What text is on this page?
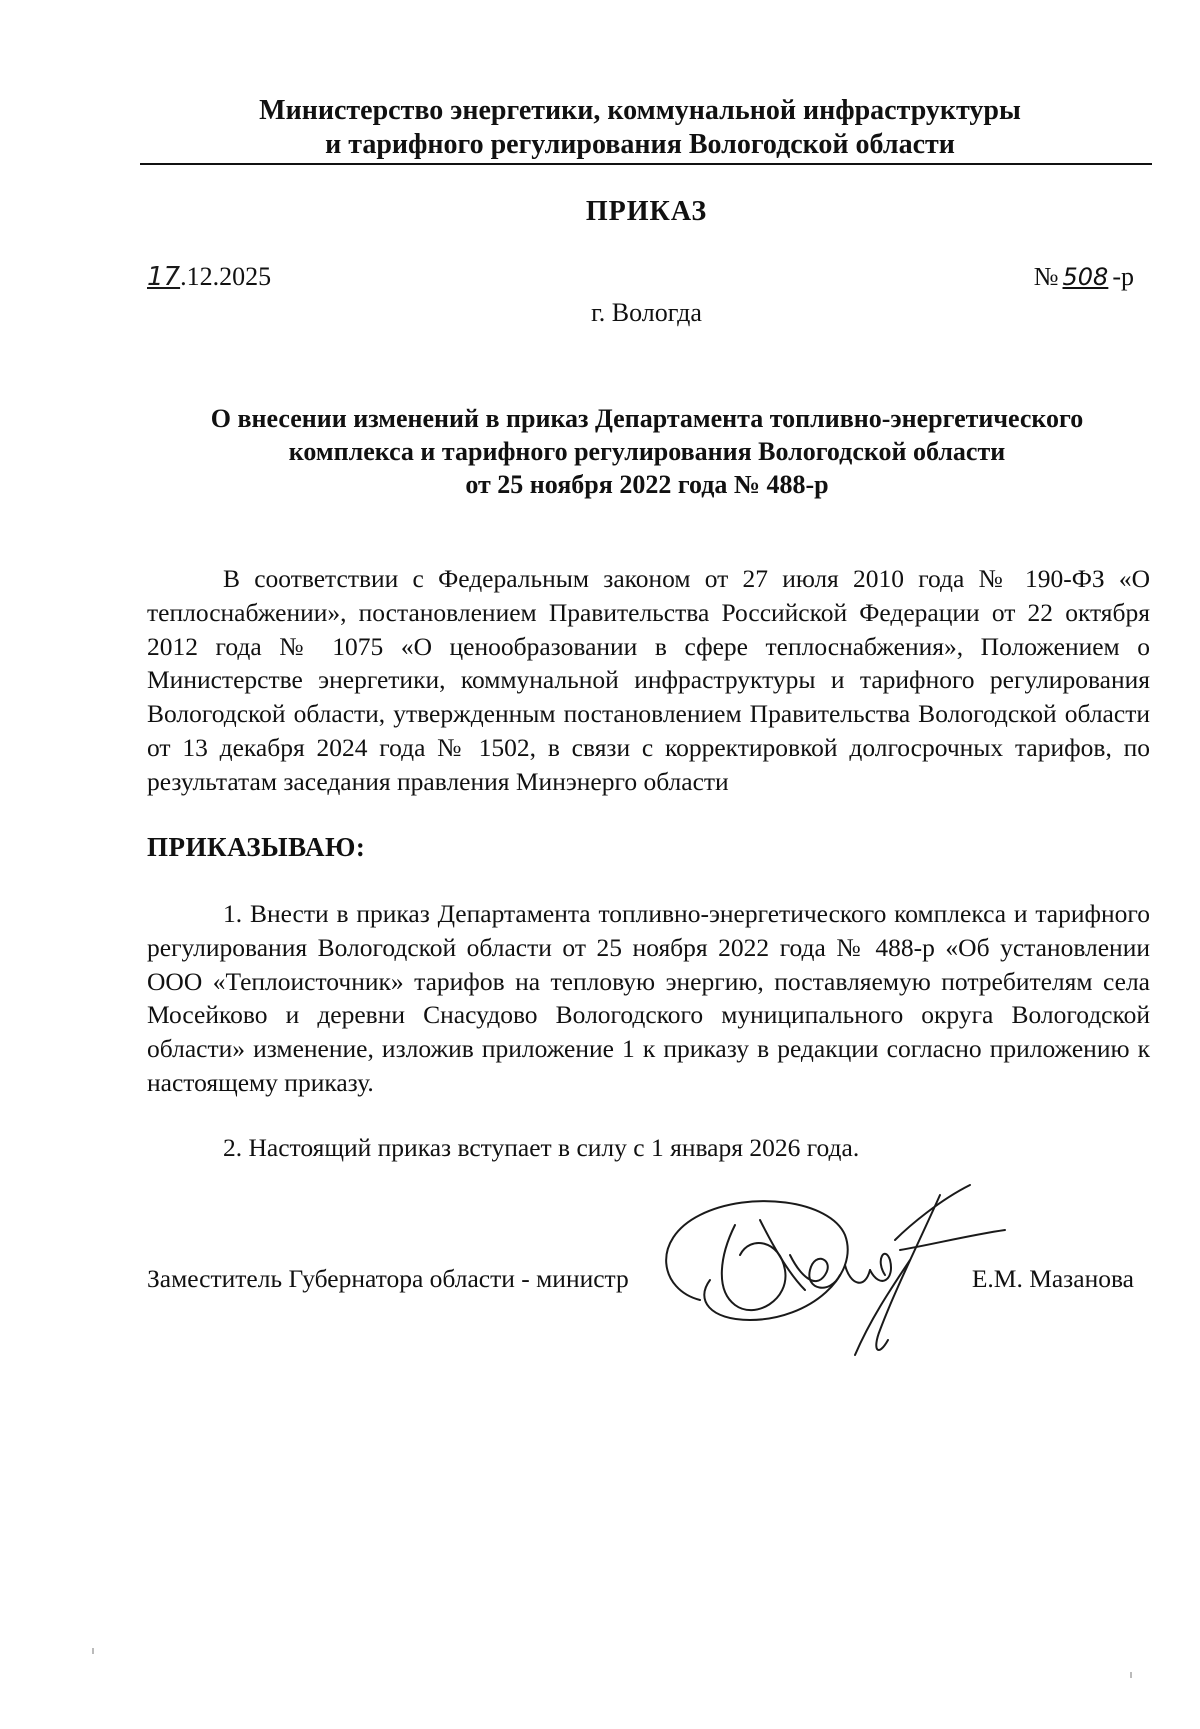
Министерство энергетики, коммунальной инфраструктуры
и тарифного регулирования Вологодской области
ПРИКАЗ
17.12.2025	№ 508 -р
г. Вологда
О внесении изменений в приказ Департамента топливно-энергетического
комплекса и тарифного регулирования Вологодской области
от 25 ноября 2022 года № 488-р
В соответствии с Федеральным законом от 27 июля 2010 года № 190-ФЗ «О теплоснабжении», постановлением Правительства Российской Федерации от 22 октября 2012 года № 1075 «О ценообразовании в сфере теплоснабжения», Положением о Министерстве энергетики, коммунальной инфраструктуры и тарифного регулирования Вологодской области, утвержденным постановлением Правительства Вологодской области от 13 декабря 2024 года № 1502, в связи с корректировкой долгосрочных тарифов, по результатам заседания правления Минэнерго области
ПРИКАЗЫВАЮ:
1. Внести в приказ Департамента топливно-энергетического комплекса и тарифного регулирования Вологодской области от 25 ноября 2022 года № 488-р «Об установлении ООО «Теплоисточник» тарифов на тепловую энергию, поставляемую потребителям села Мосейково и деревни Снасудово Вологодского муниципального округа Вологодской области» изменение, изложив приложение 1 к приказу в редакции согласно приложению к настоящему приказу.
2. Настоящий приказ вступает в силу с 1 января 2026 года.
Заместитель Губернатора области - министр	Е.М. Мазанова
